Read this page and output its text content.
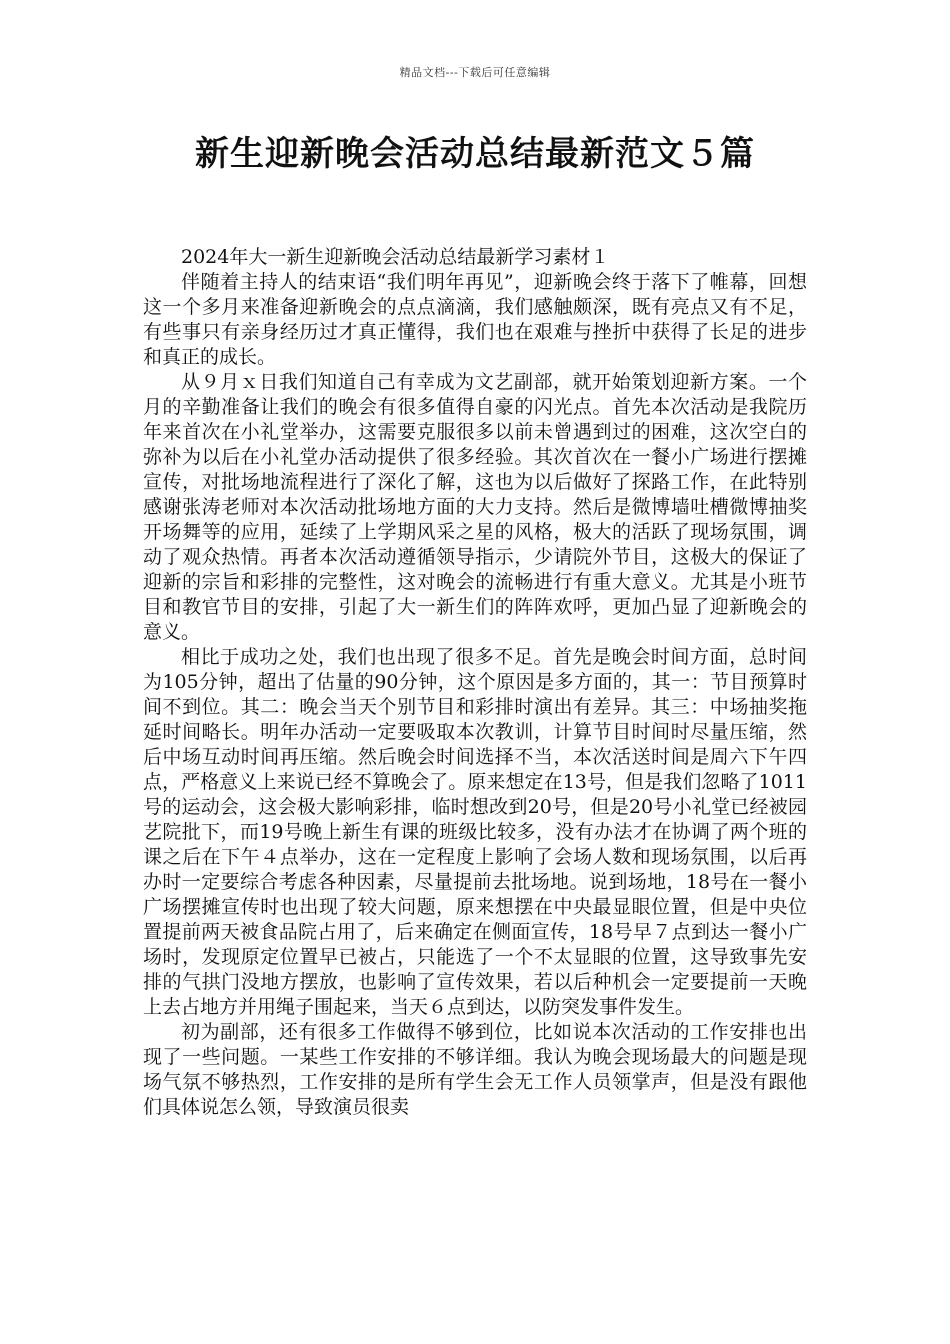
精品文档---下载后可任意编辑
新生迎新晚会活动总结最新范文５篇

2024年大一新生迎新晚会活动总结最新学习素材１

伴随着主持人的结束语“我们明年再见”，迎新晚会终于落下了帷幕，回想这一个多月来准备迎新晚会的点点滴滴，我们感触颇深，既有亮点又有不足，有些事只有亲身经历过才真正懂得，我们也在艰难与挫折中获得了长足的进步和真正的成长。

从９月ｘ日我们知道自己有幸成为文艺副部，就开始策划迎新方案。一个月的辛勤准备让我们的晚会有很多值得自豪的闪光点。首先本次活动是我院历年来首次在小礼堂举办，这需要克服很多以前未曾遇到过的困难，这次空白的弥补为以后在小礼堂办活动提供了很多经验。其次首次在一餐小广场进行摆摊宣传，对批场地流程进行了深化了解，这也为以后做好了探路工作，在此特别感谢张涛老师对本次活动批场地方面的大力支持。然后是微博墙吐槽微博抽奖开场舞等的应用，延续了上学期风采之星的风格，极大的活跃了现场氛围，调动了观众热情。再者本次活动遵循领导指示，少请院外节目，这极大的保证了迎新的宗旨和彩排的完整性，这对晚会的流畅进行有重大意义。尤其是小班节目和教官节目的安排，引起了大一新生们的阵阵欢呼，更加凸显了迎新晚会的意义。

相比于成功之处，我们也出现了很多不足。首先是晚会时间方面，总时间为105分钟，超出了估量的90分钟，这个原因是多方面的，其一：节目预算时间不到位。其二：晚会当天个别节目和彩排时演出有差异。其三：中场抽奖拖延时间略长。明年办活动一定要吸取本次教训，计算节目时间时尽量压缩，然后中场互动时间再压缩。然后晚会时间选择不当，本次活送时间是周六下午四点，严格意义上来说已经不算晚会了。原来想定在13号，但是我们忽略了1011号的运动会，这会极大影响彩排，临时想改到20号，但是20号小礼堂已经被园艺院批下，而19号晚上新生有课的班级比较多，没有办法才在协调了两个班的课之后在下午４点举办，这在一定程度上影响了会场人数和现场氛围，以后再办时一定要综合考虑各种因素，尽量提前去批场地。说到场地，18号在一餐小广场摆摊宣传时也出现了较大问题，原来想摆在中央最显眼位置，但是中央位置提前两天被食品院占用了，后来确定在侧面宣传，18号早７点到达一餐小广场时，发现原定位置早已被占，只能选了一个不太显眼的位置，这导致事先安排的气拱门没地方摆放，也影响了宣传效果，若以后种机会一定要提前一天晚上去占地方并用绳子围起来，当天６点到达，以防突发事件发生。

初为副部，还有很多工作做得不够到位，比如说本次活动的工作安排也出现了一些问题。一某些工作安排的不够详细。我认为晚会现场最大的问题是现场气氛不够热烈，工作安排的是所有学生会无工作人员领掌声，但是没有跟他们具体说怎么领，导致演员很卖
